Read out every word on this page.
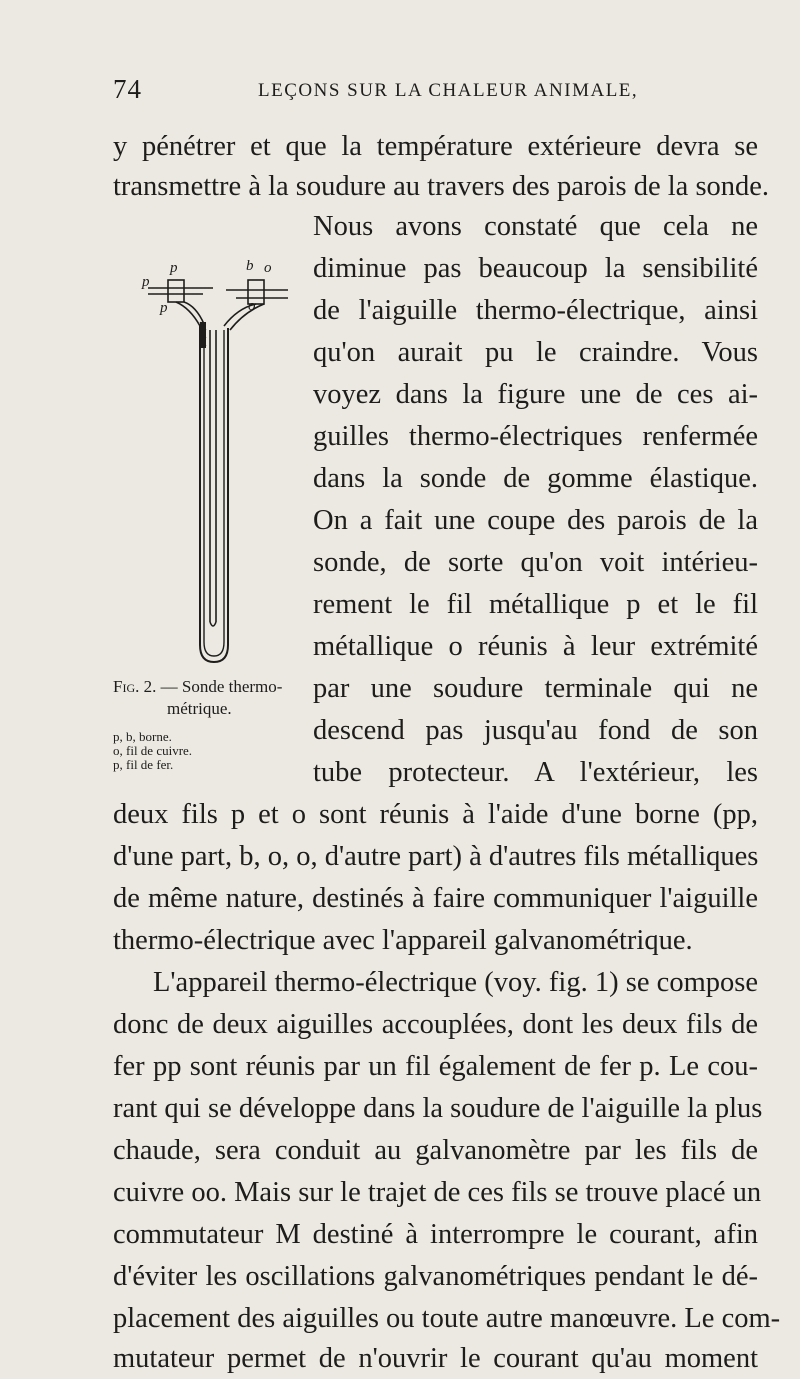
74	LEÇONS SUR LA CHALEUR ANIMALE,
y pénétrer et que la température extérieure devra se
transmettre à la soudure au travers des parois de la sonde.
p	b o
p	o
p
Nous avons constaté que cela ne
diminue pas beaucoup la sensibilité
de l'aiguille thermo-électrique, ainsi
qu'on aurait pu le craindre. Vous
voyez dans la figure une de ces ai-
guilles thermo-électriques renfermée
dans la sonde de gomme élastique.
On a fait une coupe des parois de la
sonde, de sorte qu'on voit intérieu-
rement le fil métallique p et le fil
métallique o réunis à leur extrémité
par une soudure terminale qui ne
descend pas jusqu'au fond de son
tube protecteur. A l'extérieur, les
Fig. 2. — Sonde thermo-
métrique.
p, b, borne.
o, fil de cuivre.
p, fil de fer.
deux fils p et o sont réunis à l'aide d'une borne (pp,
d'une part, b, o, o, d'autre part) à d'autres fils métalliques
de même nature, destinés à faire communiquer l'aiguille
thermo-électrique avec l'appareil galvanométrique.
L'appareil thermo-électrique (voy. fig. 1) se compose
donc de deux aiguilles accouplées, dont les deux fils de
fer pp sont réunis par un fil également de fer p. Le cou-
rant qui se développe dans la soudure de l'aiguille la plus
chaude, sera conduit au galvanomètre par les fils de
cuivre oo. Mais sur le trajet de ces fils se trouve placé un
commutateur M destiné à interrompre le courant, afin
d'éviter les oscillations galvanométriques pendant le dé-
placement des aiguilles ou toute autre manœuvre. Le com-
mutateur permet de n'ouvrir le courant qu'au moment
